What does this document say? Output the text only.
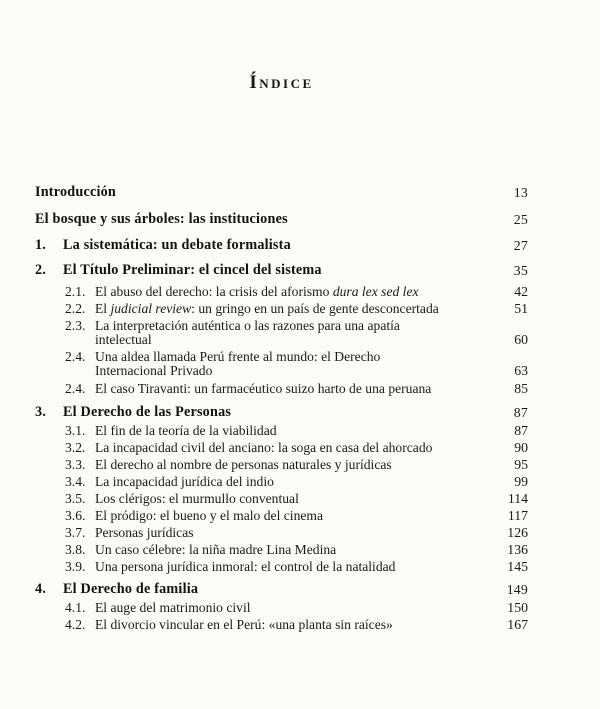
Índice
Introducción	13
El bosque y sus árboles: las instituciones	25
1.	La sistemática: un debate formalista	27
2.	El Título Preliminar: el cincel del sistema	35
2.1. El abuso del derecho: la crisis del aforismo dura lex sed lex	42
2.2. El judicial review: un gringo en un país de gente desconcertada	51
2.3. La interpretación auténtica o las razones para una apatía
intelectual	60
2.4. Una aldea llamada Perú frente al mundo: el Derecho
Internacional Privado	63
2.4. El caso Tiravanti: un farmacéutico suizo harto de una peruana	85
3.	El Derecho de las Personas	87
3.1. El fin de la teoría de la viabilidad	87
3.2. La incapacidad civil del anciano: la soga en casa del ahorcado	90
3.3. El derecho al nombre de personas naturales y jurídicas	95
3.4. La incapacidad jurídica del indio	99
3.5. Los clérigos: el murmullo conventual	114
3.6. El pródigo: el bueno y el malo del cinema	117
3.7. Personas jurídicas	126
3.8. Un caso célebre: la niña madre Lina Medina	136
3.9. Una persona jurídica inmoral: el control de la natalidad	145
4.	El Derecho de familia	149
4.1. El auge del matrimonio civil	150
4.2. El divorcio vincular en el Perú: «una planta sin raíces»	167
